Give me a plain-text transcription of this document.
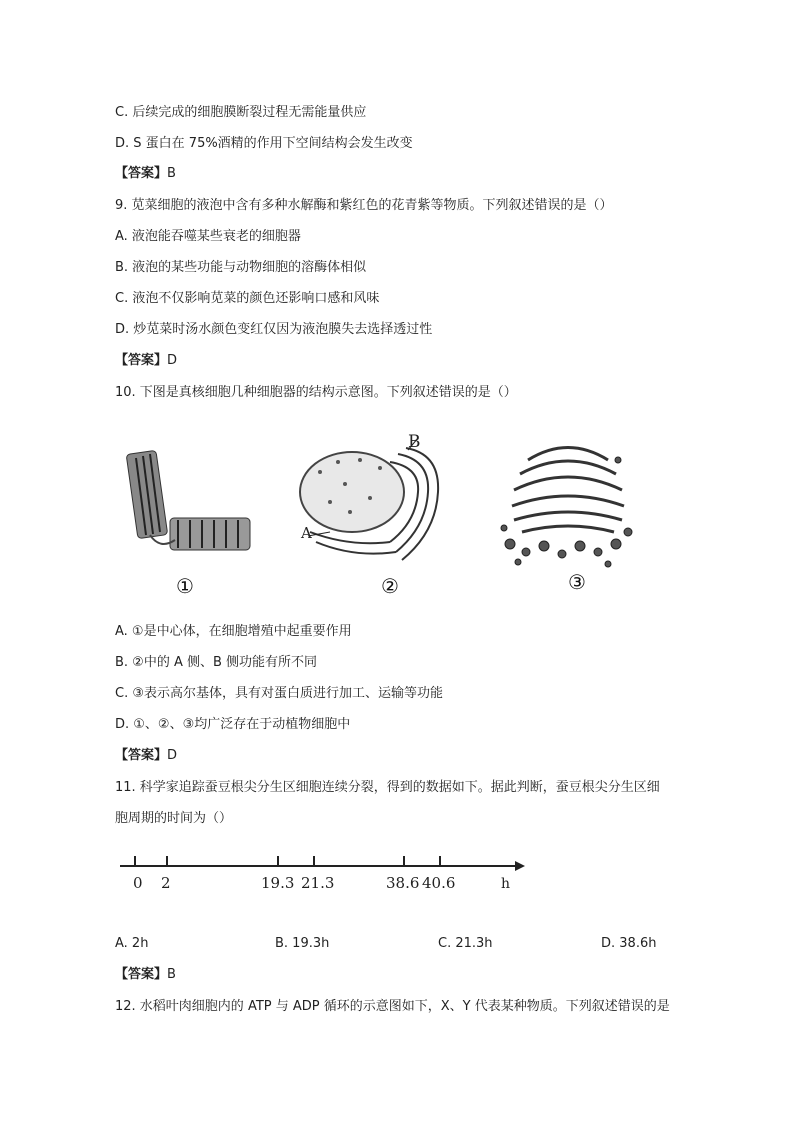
C. 后续完成的细胞膜断裂过程无需能量供应
D. S 蛋白在 75%酒精的作用下空间结构会发生改变
【答案】B
9. 苋菜细胞的液泡中含有多种水解酶和紫红色的花青紫等物质。下列叙述错误的是（）
A. 液泡能吞噬某些衰老的细胞器
B. 液泡的某些功能与动物细胞的溶酶体相似
C. 液泡不仅影响苋菜的颜色还影响口感和风味
D. 炒苋菜时汤水颜色变红仅因为液泡膜失去选择透过性
【答案】D
10. 下图是真核细胞几种细胞器的结构示意图。下列叙述错误的是（）
①
A
B
②	③
A. ①是中心体，在细胞增殖中起重要作用
B. ②中的 A 侧、B 侧功能有所不同
C. ③表示高尔基体，具有对蛋白质进行加工、运输等功能
D. ①、②、③均广泛存在于动植物细胞中
【答案】D
11. 科学家追踪蚕豆根尖分生区细胞连续分裂，得到的数据如下。据此判断，蚕豆根尖分生区细
胞周期的时间为（）
0 2	19.3 21.3	38.6 40.6	h
A. 2h	B. 19.3h	C. 21.3h	D. 38.6h
【答案】B
12. 水稻叶肉细胞内的 ATP 与 ADP 循环的示意图如下，X、Y 代表某种物质。下列叙述错误的是
